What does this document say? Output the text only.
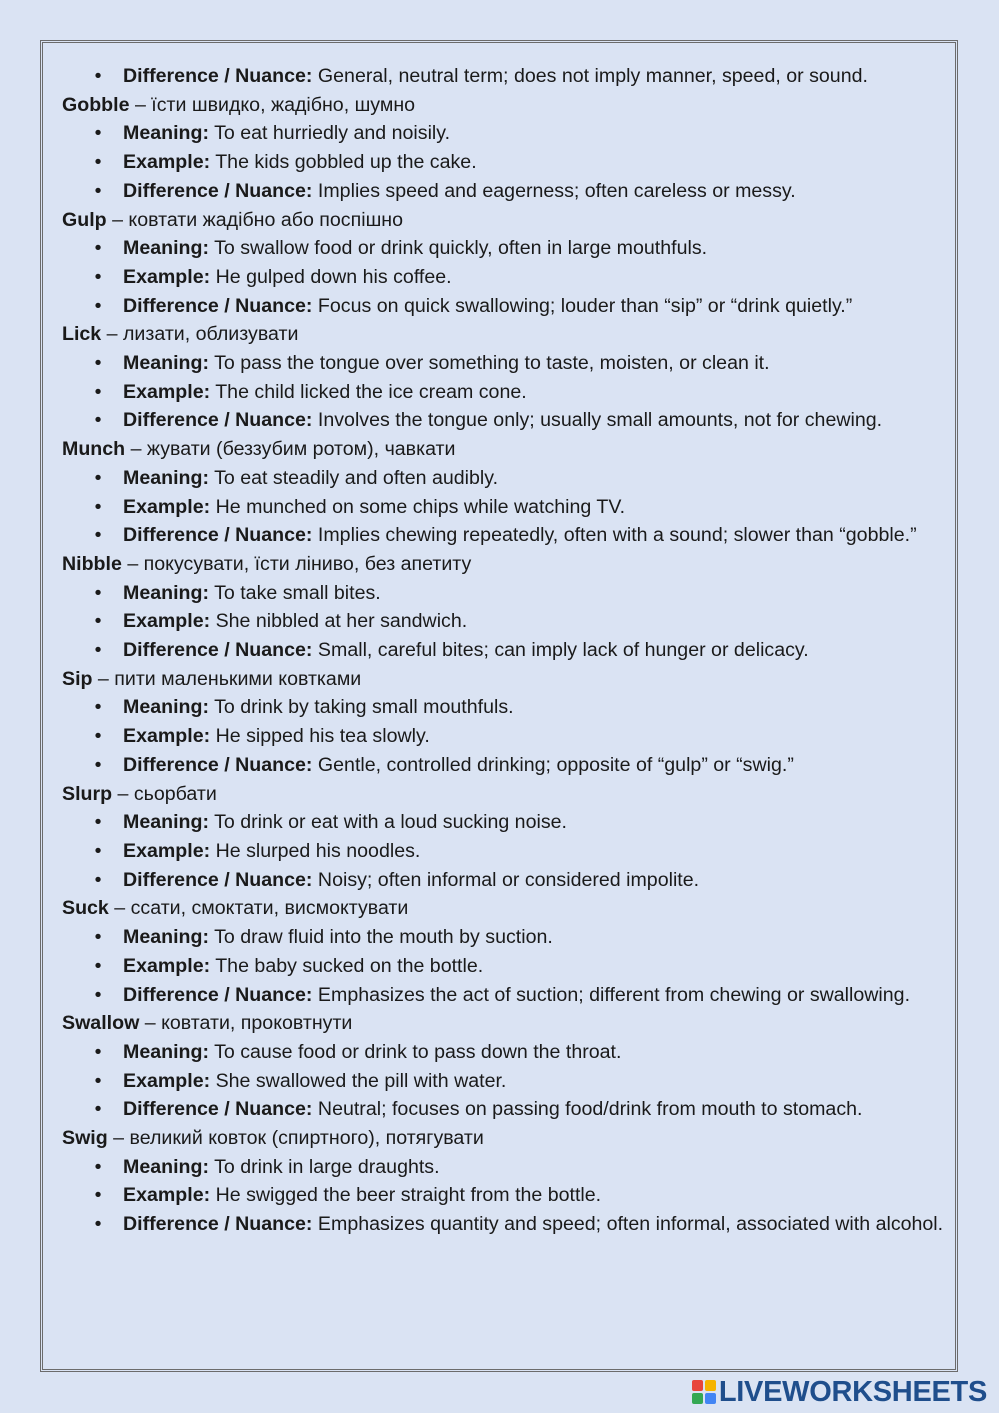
• Difference / Nuance: General, neutral term; does not imply manner, speed, or sound.
Gobble – їсти швидко, жадібно, шумно
• Meaning: To eat hurriedly and noisily.
• Example: The kids gobbled up the cake.
• Difference / Nuance: Implies speed and eagerness; often careless or messy.
Gulp – ковтати жадібно або поспішно
• Meaning: To swallow food or drink quickly, often in large mouthfuls.
• Example: He gulped down his coffee.
• Difference / Nuance: Focus on quick swallowing; louder than “sip” or “drink quietly.”
Lick – лизати, облизувати
• Meaning: To pass the tongue over something to taste, moisten, or clean it.
• Example: The child licked the ice cream cone.
• Difference / Nuance: Involves the tongue only; usually small amounts, not for chewing.
Munch – жувати (беззубим ротом), чавкати
• Meaning: To eat steadily and often audibly.
• Example: He munched on some chips while watching TV.
• Difference / Nuance: Implies chewing repeatedly, often with a sound; slower than “gobble.”
Nibble – покусувати, їсти ліниво, без апетиту
• Meaning: To take small bites.
• Example: She nibbled at her sandwich.
• Difference / Nuance: Small, careful bites; can imply lack of hunger or delicacy.
Sip – пити маленькими ковтками
• Meaning: To drink by taking small mouthfuls.
• Example: He sipped his tea slowly.
• Difference / Nuance: Gentle, controlled drinking; opposite of “gulp” or “swig.”
Slurp – сьорбати
• Meaning: To drink or eat with a loud sucking noise.
• Example: He slurped his noodles.
• Difference / Nuance: Noisy; often informal or considered impolite.
Suck – ссати, смоктати, висмоктувати
• Meaning: To draw fluid into the mouth by suction.
• Example: The baby sucked on the bottle.
• Difference / Nuance: Emphasizes the act of suction; different from chewing or swallowing.
Swallow – ковтати, проковтнути
• Meaning: To cause food or drink to pass down the throat.
• Example: She swallowed the pill with water.
• Difference / Nuance: Neutral; focuses on passing food/drink from mouth to stomach.
Swig – великий ковток (спиртного), потягувати
• Meaning: To drink in large draughts.
• Example: He swigged the beer straight from the bottle.
• Difference / Nuance: Emphasizes quantity and speed; often informal, associated with alcohol.
LIVEWORKSHEETS
